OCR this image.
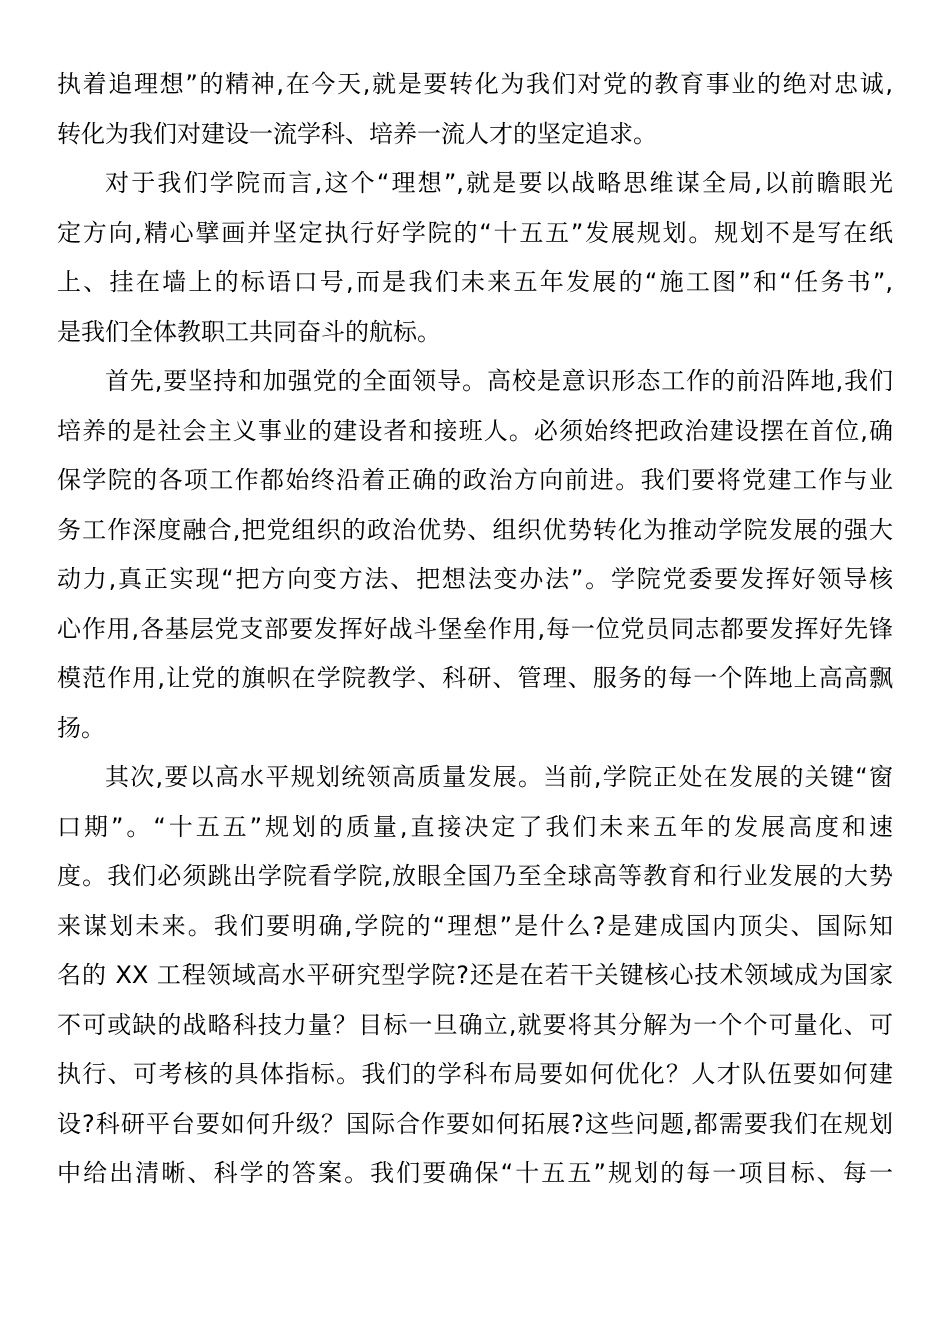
执着追理想”的精神,在今天,就是要转化为我们对党的教育事业的绝对忠诚,
转化为我们对建设一流学科、培养一流人才的坚定追求。
对于我们学院而言,这个“理想”,就是要以战略思维谋全局,以前瞻眼光
定方向,精心擘画并坚定执行好学院的“十五五”发展规划。规划不是写在纸
上、挂在墙上的标语口号,而是我们未来五年发展的“施工图”和“任务书”,
是我们全体教职工共同奋斗的航标。
首先,要坚持和加强党的全面领导。高校是意识形态工作的前沿阵地,我们
培养的是社会主义事业的建设者和接班人。必须始终把政治建设摆在首位,确
保学院的各项工作都始终沿着正确的政治方向前进。我们要将党建工作与业
务工作深度融合,把党组织的政治优势、组织优势转化为推动学院发展的强大
动力,真正实现“把方向变方法、把想法变办法”。学院党委要发挥好领导核
心作用,各基层党支部要发挥好战斗堡垒作用,每一位党员同志都要发挥好先锋
模范作用,让党的旗帜在学院教学、科研、管理、服务的每一个阵地上高高飘
扬。
其次,要以高水平规划统领高质量发展。当前,学院正处在发展的关键“窗
口期”。“十五五”规划的质量,直接决定了我们未来五年的发展高度和速
度。我们必须跳出学院看学院,放眼全国乃至全球高等教育和行业发展的大势
来谋划未来。我们要明确,学院的“理想”是什么?是建成国内顶尖、国际知
名的 XX 工程领域高水平研究型学院?还是在若干关键核心技术领域成为国家
不可或缺的战略科技力量？目标一旦确立,就要将其分解为一个个可量化、可
执行、可考核的具体指标。我们的学科布局要如何优化？人才队伍要如何建
设?科研平台要如何升级？国际合作要如何拓展?这些问题,都需要我们在规划
中给出清晰、科学的答案。我们要确保“十五五”规划的每一项目标、每一
